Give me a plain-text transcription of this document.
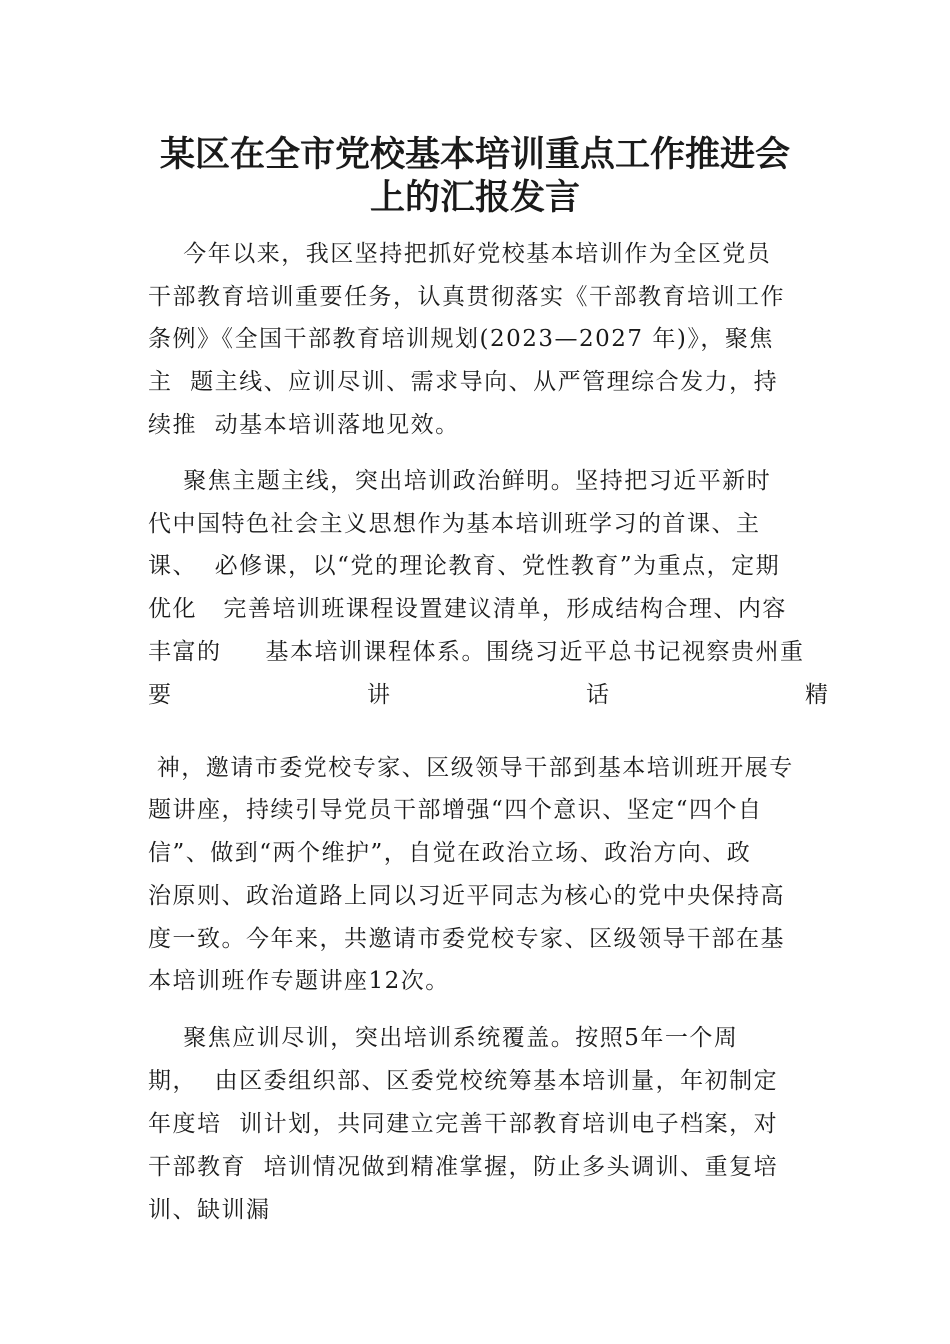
某区在全市党校基本培训重点工作推进会
上的汇报发言

今年以来，我区坚持把抓好党校基本培训作为全区党员

干部教育培训重要任务，认真贯彻落实《干部教育培训工作

条例》《全国干部教育培训规划(2023—2027 年)》，聚焦

主  题主线、应训尽训、需求导向、从严管理综合发力，持

续推  动基本培训落地见效。

聚焦主题主线，突出培训政治鲜明。坚持把习近平新时

代中国特色社会主义思想作为基本培训班学习的首课、主

课、  必修课，以“党的理论教育、党性教育”为重点，定期

优化   完善培训班课程设置建议清单，形成结构合理、内容

丰富的     基本培训课程体系。围绕习近平总书记视察贵州重

要	讲	话	精

神，邀请市委党校专家、区级领导干部到基本培训班开展专

题讲座，持续引导党员干部增强“四个意识、坚定“四个自

信”、做到“两个维护”，自觉在政治立场、政治方向、政

治原则、政治道路上同以习近平同志为核心的党中央保持高

度一致。今年来，共邀请市委党校专家、区级领导干部在基

本培训班作专题讲座12次。

聚焦应训尽训，突出培训系统覆盖。按照5年一个周

期，  由区委组织部、区委党校统筹基本培训量，年初制定

年度培  训计划，共同建立完善干部教育培训电子档案，对

干部教育  培训情况做到精准掌握，防止多头调训、重复培

训、缺训漏
